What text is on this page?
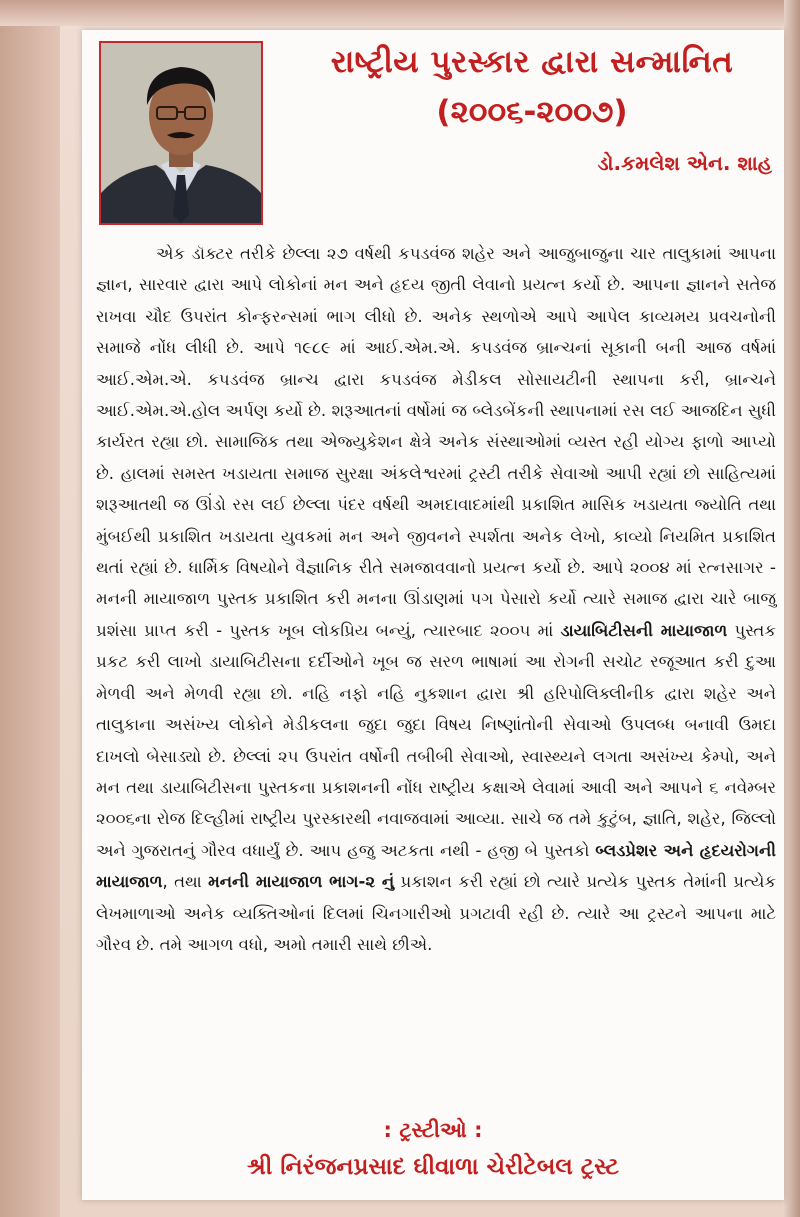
રાષ્ટ્રીય પુરસ્કાર દ્વારા સન્માનિત
(૨૦૦૬-૨૦૦૭)
ડો.કમલેશ એન. શાહ
એક ડૉક્ટર તરીકે છેલ્લા ૨૭ વર્ષથી કપડવંજ શહેર અને આજુબાજુના ચાર તાલુકામાં આપના જ્ઞાન, સારવાર દ્વારા આપે લોકોનાં મન અને હૃદય જીતી લેવાનો પ્રયત્ન કર્યો છે. આપના જ્ઞાનને સતેજ રાખવા ચૌદ ઉપરાંત કોન્ફરન્સમાં ભાગ લીધો છે. અનેક સ્થળોએ આપે આપેલ કાવ્યમય પ્રવચનોની સમાજે નોંધ લીધી છે. આપે ૧૯૮૯ માં આઈ.એમ.એ. કપડવંજ બ્રાન્ચનાં સૂકાની બની આજ વર્ષમાં આઈ.એમ.એ. કપડવંજ બ્રાન્ચ દ્વારા કપડવંજ મેડીકલ સોસાયટીની સ્થાપના કરી, બ્રાન્ચને આઈ.એમ.એ.હોલ અર્પણ કર્યો છે. શરૂઆતનાં વર્ષોમાં જ બ્લેડબેંકની સ્થાપનામાં રસ લઈ આજદિન સુધી કાર્યરત રહ્યા છો. સામાજિક તથા એજ્યુકેશન ક્ષેત્રે અનેક સંસ્થાઓમાં વ્યસ્ત રહી યોગ્ય ફાળો આપ્યો છે. હાલમાં સમસ્ત ખડાયતા સમાજ સુરક્ષા અંકલેશ્વરમાં ટ્રસ્ટી તરીકે સેવાઓ આપી રહ્યાં છો સાહિત્યમાં શરૂઆતથી જ ઊંડો રસ લઈ છેલ્લા પંદર વર્ષથી અમદાવાદમાંથી પ્રકાશિત માસિક ખડાયતા જ્યોતિ તથા મુંબઈથી પ્રકાશિત ખડાયતા યુવકમાં મન અને જીવનને સ્પર્શતા અનેક લેખો, કાવ્યો નિયમિત પ્રકાશિત થતાં રહ્યાં છે. ધાર્મિક વિષયોને વૈજ્ઞાનિક રીતે સમજાવવાનો પ્રયત્ન કર્યો છે. આપે ૨૦૦૪ માં રત્નસાગર - મનની માયાજાળ પુસ્તક પ્રકાશિત કરી મનના ઊંડાણમાં પગ પેસારો કર્યો ત્યારે સમાજ દ્વારા ચારે બાજુ પ્રશંસા પ્રાપ્ત કરી - પુસ્તક ખૂબ લોકપ્રિય બન્યું, ત્યારબાદ ૨૦૦૫ માં ડાયાબિટીસની માયાજાળ પુસ્તક પ્રકટ કરી લાખો ડાયાબિટીસના દર્દીઓને ખૂબ જ સરળ ભાષામાં આ રોગની સચોટ રજૂઆત કરી દુઆ મેળવી અને મેળવી રહ્યા છો. નહિ નફો નહિ નુકશાન દ્વારા શ્રી હરિપોલિક્લીનીક દ્વારા શહેર અને તાલુકાના અસંખ્ય લોકોને મેડીકલના જુદા જુદા વિષય નિષ્ણાંતોની સેવાઓ ઉપલબ્ધ બનાવી ઉમદા દાખલો બેસાડ્યો છે. છેલ્લાં ૨૫ ઉપરાંત વર્ષોની તબીબી સેવાઓ, સ્વાસ્થ્યને લગતા અસંખ્ય કેમ્પો, અને મન તથા ડાયાબિટીસના પુસ્તકના પ્રકાશનની નોંધ રાષ્ટ્રીય કક્ષાએ લેવામાં આવી અને આપને ૬ નવેમ્બર ૨૦૦૬ના રોજ દિલ્હીમાં રાષ્ટ્રીય પુરસ્કારથી નવાજવામાં આવ્યા. સાચે જ તમે કુટુંબ, જ્ઞાતિ, શહેર, જિલ્લો અને ગુજરાતનું ગૌરવ વધાર્યું છે. આપ હજુ અટકતા નથી - હજી બે પુસ્તકો બ્લડપ્રેશર અને હૃદયરોગની માયાજાળ, તથા મનની માયાજાળ ભાગ-૨ નું પ્રકાશન કરી રહ્યાં છો ત્યારે પ્રત્યેક પુસ્તક તેમાંની પ્રત્યેક લેખમાળાઓ અનેક વ્યક્તિઓનાં દિલમાં ચિનગારીઓ પ્રગટાવી રહી છે. ત્યારે આ ટ્રસ્ટને આપના માટે ગૌરવ છે. તમે આગળ વધો, અમો તમારી સાથે છીએ.
: ટ્રસ્ટીઓ :
શ્રી નિરંજનપ્રસાદ ઘીવાળા ચેરીટેબલ ટ્રસ્ટ
